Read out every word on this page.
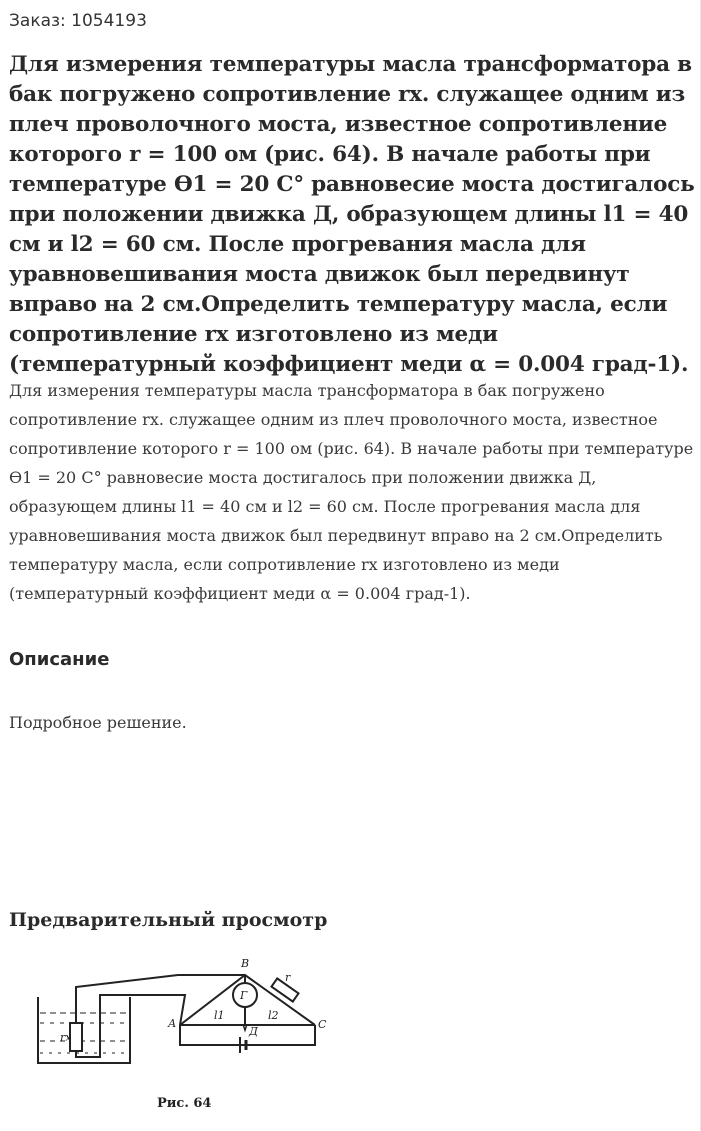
Заказ: 1054193
Для измерения температуры масла трансформатора в бак погружено сопротивление rx. служащее одним из плеч проволочного моста, известное сопротивление которого r = 100 ом (рис. 64). В начале работы при температуре Ѳ1 = 20 С° равновесие моста достигалось при положении движка Д, образующем длины l1 = 40 см и l2 = 60 см. После прогревания масла для уравновешивания моста движок был передвинут вправо на 2 см.Определить температуру масла, если сопротивление rx изготовлено из меди (температурный коэффициент меди α = 0.004 град-1).

Для измерения температуры масла трансформатора в бак погружено сопротивление rx. служащее одним из плеч проволочного моста, известное сопротивление которого r = 100 ом (рис. 64). В начале работы при температуре Ѳ1 = 20 С° равновесие моста достигалось при положении движка Д, образующем длины l1 = 40 см и l2 = 60 см. После прогревания масла для уравновешивания моста движок был передвинут вправо на 2 см.Определить температуру масла, если сопротивление rx изготовлено из меди (температурный коэффициент меди α = 0.004 град-1).

Описание

Подробное решение.

Предварительный просмотр
В
А	С
Г
r
rx
l1	l2
Д
Рис. 64
